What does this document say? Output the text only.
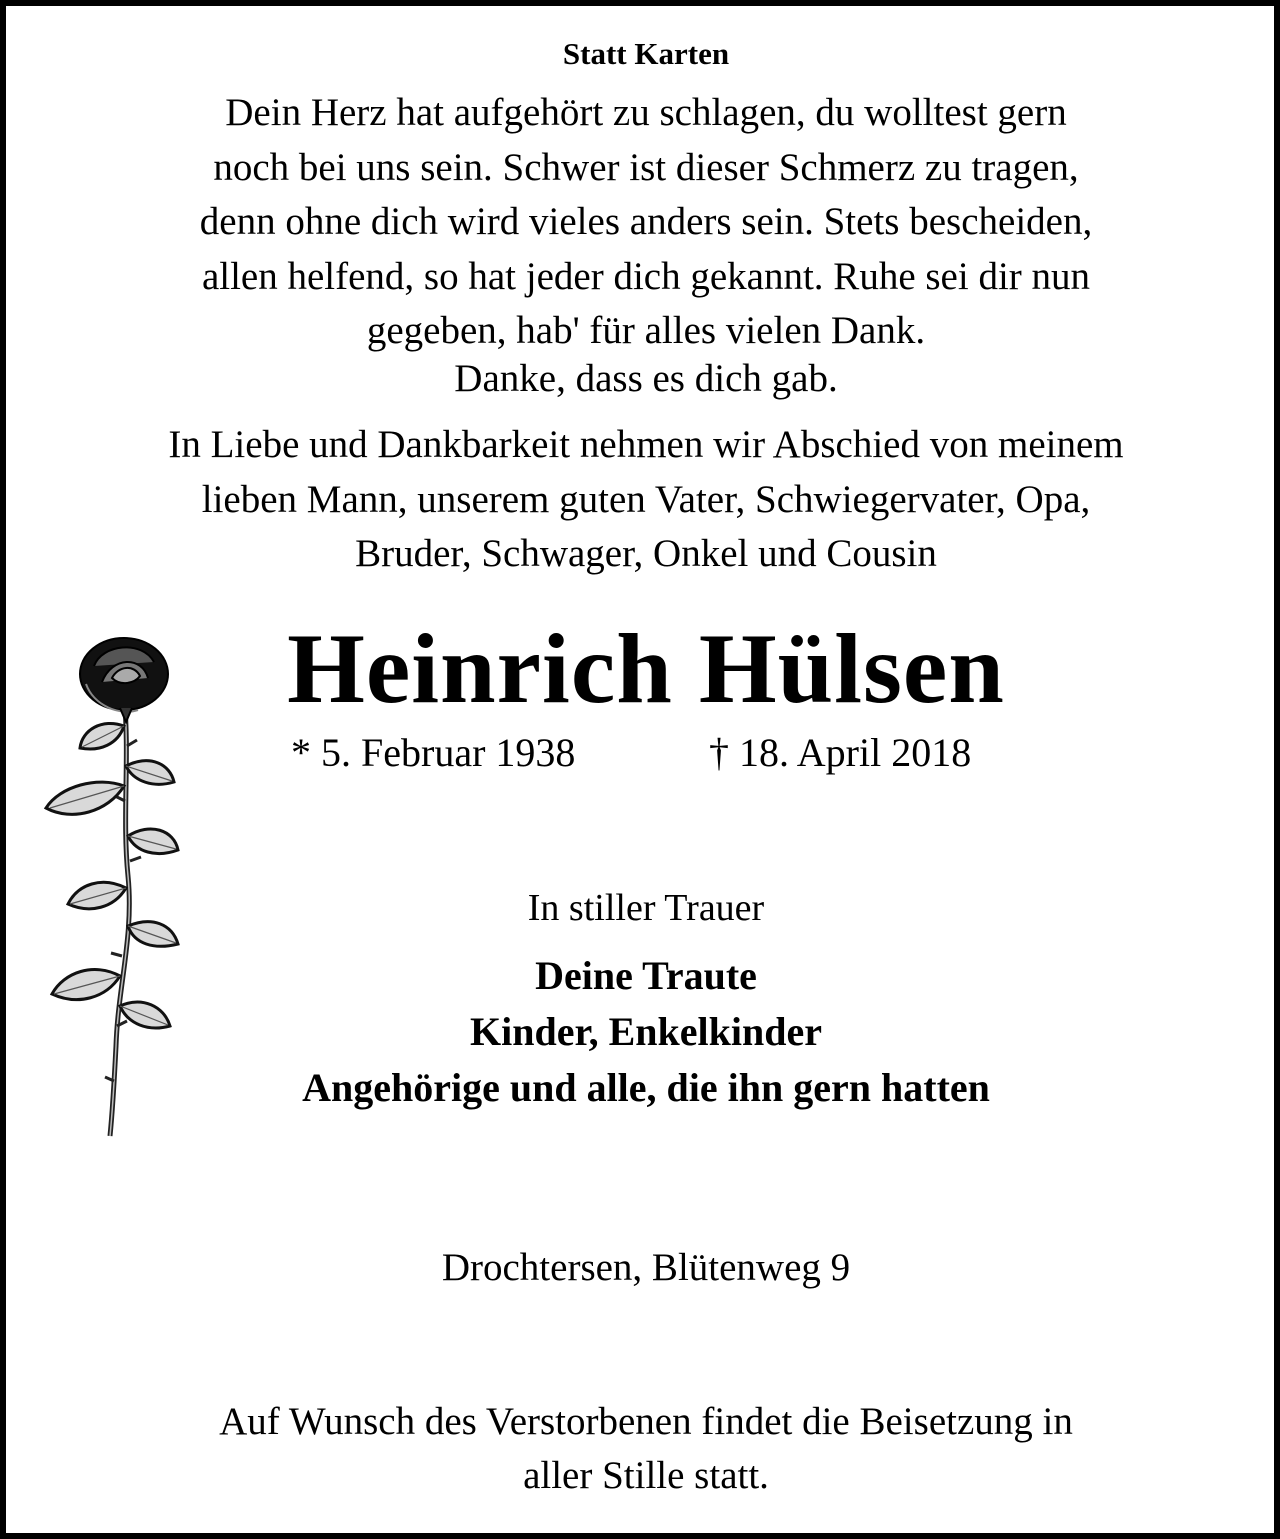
Statt Karten
Dein Herz hat aufgehört zu schlagen, du wolltest gern
noch bei uns sein. Schwer ist dieser Schmerz zu tragen,
denn ohne dich wird vieles anders sein. Stets bescheiden,
allen helfend, so hat jeder dich gekannt. Ruhe sei dir nun
gegeben, hab' für alles vielen Dank.
Danke, dass es dich gab.
In Liebe und Dankbarkeit nehmen wir Abschied von meinem
lieben Mann, unserem guten Vater, Schwiegervater, Opa,
Bruder, Schwager, Onkel und Cousin
Heinrich Hülsen
* 5. Februar 1938	† 18. April 2018
In stiller Trauer
Deine Traute
Kinder, Enkelkinder
Angehörige und alle, die ihn gern hatten
Drochtersen, Blütenweg 9
Auf Wunsch des Verstorbenen findet die Beisetzung in
aller Stille statt.
